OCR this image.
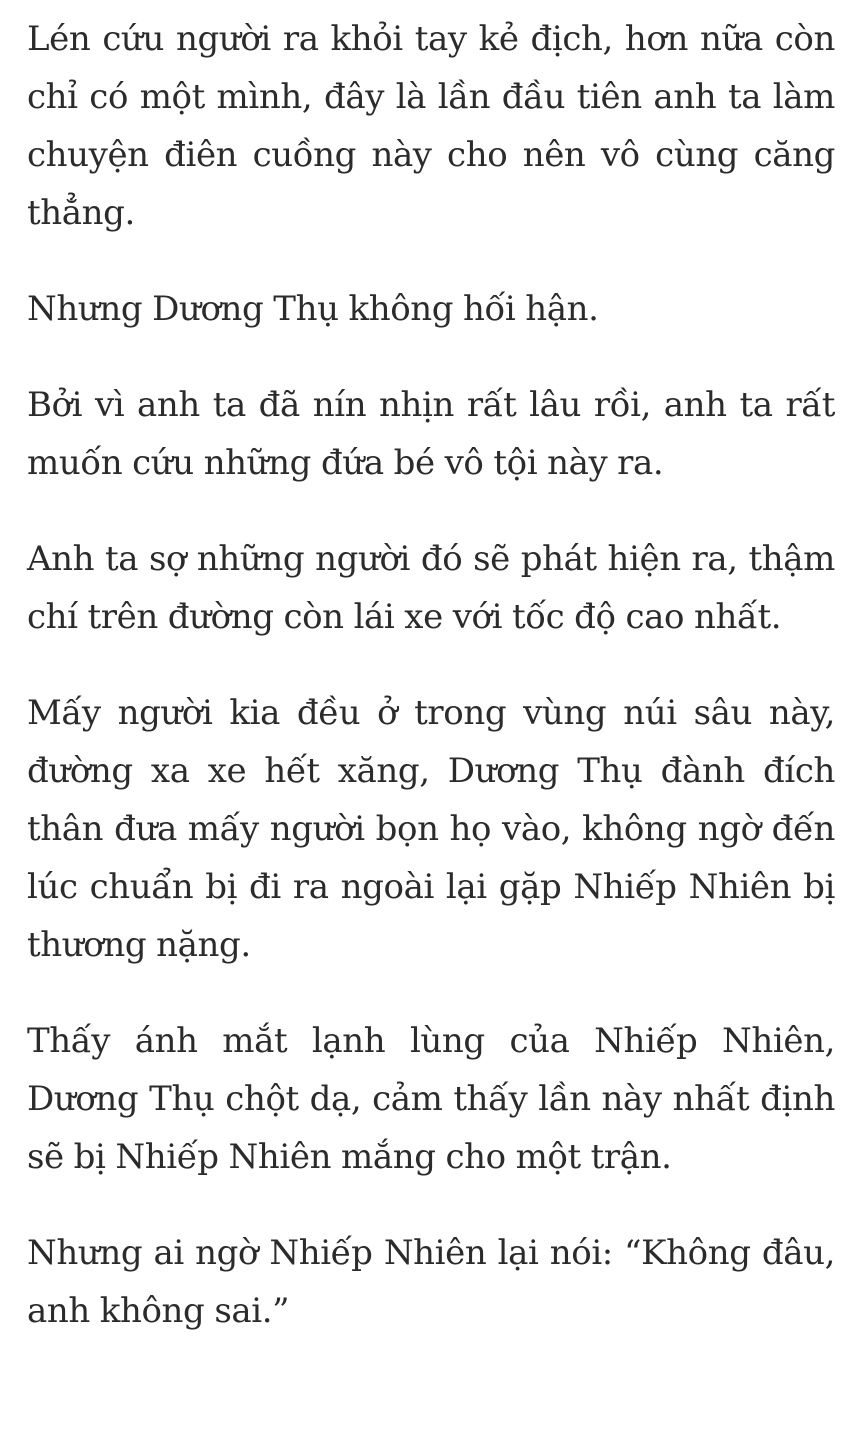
Lén cứu người ra khỏi tay kẻ địch, hơn nữa còn chỉ có một mình, đây là lần đầu tiên anh ta làm chuyện điên cuồng này cho nên vô cùng căng thẳng.

Nhưng Dương Thụ không hối hận.

Bởi vì anh ta đã nín nhịn rất lâu rồi, anh ta rất muốn cứu những đứa bé vô tội này ra.

Anh ta sợ những người đó sẽ phát hiện ra, thậm chí trên đường còn lái xe với tốc độ cao nhất.

Mấy người kia đều ở trong vùng núi sâu này, đường xa xe hết xăng, Dương Thụ đành đích thân đưa mấy người bọn họ vào, không ngờ đến lúc chuẩn bị đi ra ngoài lại gặp Nhiếp Nhiên bị thương nặng.

Thấy ánh mắt lạnh lùng của Nhiếp Nhiên, Dương Thụ chột dạ, cảm thấy lần này nhất định sẽ bị Nhiếp Nhiên mắng cho một trận.

Nhưng ai ngờ Nhiếp Nhiên lại nói: “Không đâu, anh không sai.”
